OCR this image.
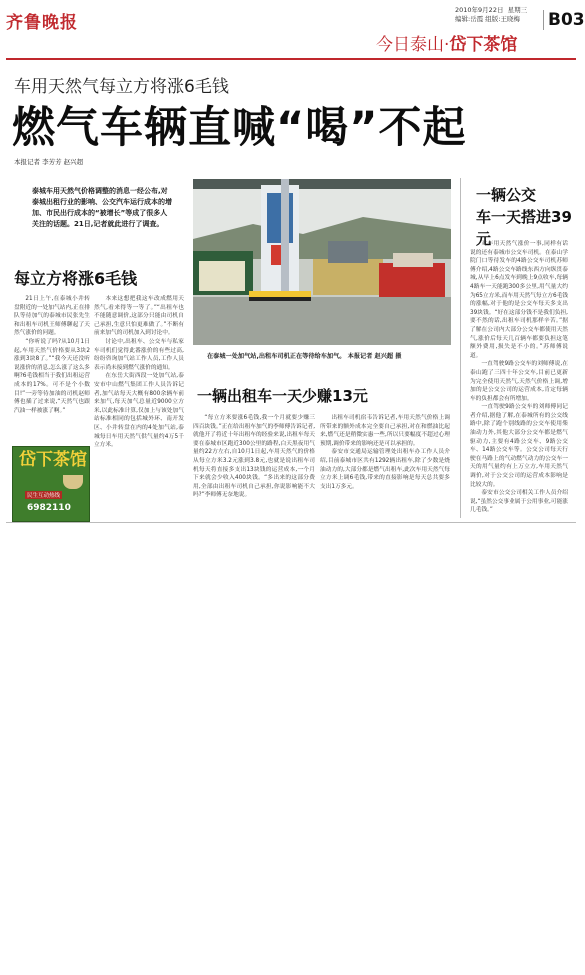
齐鲁晚报
2010年9月22日 星期三
编辑:岳霞 组版:王晓梅	B03
今日泰山·岱下茶馆
车用天然气每立方将涨6毛钱
燃气车辆直喊“喝”不起
本报记者 李芳芳 赵兴超
泰城车用天然气价格调整的消息一经公布,对泰城出租行业的影响、公交汽车运行成本的增加、市民出行成本的“被增长”等成了很多人关注的话题。21日,记者就此进行了调查。
每立方将涨6毛钱

21日上午,在泰城小井转盘附近的一处加气站内,正在排队等待加气的泰城市民张先生和出租车司机王师傅聊起了天然气涨价的问题。

“你听说了吗?从10月1日起,车用天然气价格要从3块2涨到3块8了。”“我今天还没听说涨价的消息,怎么涨了这么多啊?6毛钱相当于我们出租运营成本的17%。可不是个小数目!”一旁等待加油的司机赵师傅也插了过来说,“天然气也跟汽油一样被涨了啊。”

本来这想把我这车改成燃用天然气,看来得等一等了。”“出租车也不能随意调价,这部分只能由司机自己承担,生意只怕更难做了。”不断有前来加气的司机加入到讨论中。

讨论中,出租车、公交车与私家车司机们觉得此番涨价的有些过高,纷纷咨询加气站工作人员,工作人员表示尚未接到燃气涨价的通知。

在东岳大街西段一处加气站,泰安市中山燃气集团工作人员告诉记者,加气站每天大概有800余辆车前来加气,每天加气总量近9000立方米,以此标准计算,仅加上与该处加气站标准相同的包括城外环、南开发区、小井转盘在内的4处加气站,泰城每日车用天然气供气量约4万5千立方米。

岱下茶馆
民生互动热线
6982110
在泰城一处加气站,出租车司机正在等待给车加气。 本报记者 赵兴超 摄
一辆出租车一天少赚13元

“每立方米要涨6毛钱,我一个月就要少赚三四百块钱。”正在给出租车加气的李师傅告诉记者,就他开了将近十年出租车的经验来说,出租车每天要在泰城市区跑近300公里的路程,白天黑夜用气量约22方左右,自10月1日起,车用天然气的价格从每立方米3.2元涨到3.8元,也就是说出租车司机每天将直接多支出13块钱的运营成本,一个月下来就会少收入400块钱。“多出来的这部分费用,全部由出租车司机自己承担,你说影响能不大吗?”李师傅无奈地说。

出租车司机宿韦告诉记者,车用天然气价格上调所带来的额外成本完全要自己承担,对在和燃油比起来,燃气还是稍微实惠一些,所以只要幅度不超过心理预期,调价带来的影响还是可以承担的。

泰安市交通局运输管理处出租车办工作人员介绍,目前泰城市区共有1292辆出租车,除了少数是烧油动力的,大部分都是燃气出租车,此次车用天然气每立方米上调6毛钱,带来的直接影响是每天总共要多支出1万多元。

一辆公交
车一天搭进39元

对车用天然气涨价一事,同样有话说的还有泰城市公交车司机。在泰山学院门口等待发车的4路公交车司机苏师傅介绍,4路公交车路线东西方向纵贯泰城,从早上6点发车到晚上9点收车,每辆4路车一天能跑300多公里,用气量大约为65立方米,而车用天然气每立方6毛钱的涨幅,对于他的是公交车每天多支出39块钱。“好在这部分钱不是我们负担,要不然的话,出租车司机那样辛苦。”据了解在公司内大部分公交车都使用天然气,涨价后每天几百辆车都要负担这笔额外费用,损失是不小的。”苏师傅说道。

一直驾驶9路公交车的刘师傅说,在泰山跑了三四十年公交车,目前已更新为完全使用天然气,天然气价格上调,增加的是公交公司的运营成本,肯定每辆车的负担都会有所增加。

一直驾驶9路公交车的刘师傅同记者介绍,据他了解,在泰城所有的公交线路中,除了跑个别线路的公交车使用柴油动力外,其他大部分公交车都是燃气驱动力,主要有4路公交车、9路公交车、14路公交车等。公交公司每天行驶在马路上的气动燃气动力的公交车一天的用气量约有上万立方,车用天然气调价,对于公交公司的运营成本影响是比较大的。

泰安市公交公司相关工作人员介绍说,“虽然公交事业属于公用事业,可能涨几毛钱。”
